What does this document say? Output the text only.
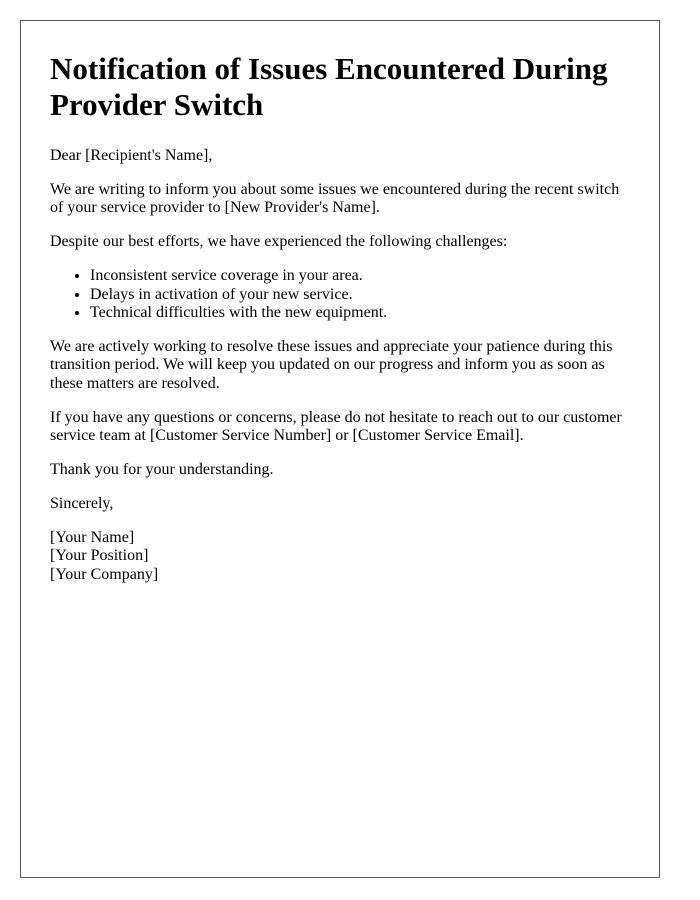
Notification of Issues Encountered During Provider Switch

Dear [Recipient's Name],

We are writing to inform you about some issues we encountered during the recent switch of your service provider to [New Provider's Name].

Despite our best efforts, we have experienced the following challenges:

• Inconsistent service coverage in your area.
• Delays in activation of your new service.
• Technical difficulties with the new equipment.

We are actively working to resolve these issues and appreciate your patience during this transition period. We will keep you updated on our progress and inform you as soon as these matters are resolved.

If you have any questions or concerns, please do not hesitate to reach out to our customer service team at [Customer Service Number] or [Customer Service Email].

Thank you for your understanding.

Sincerely,

[Your Name]

[Your Position]

[Your Company]
